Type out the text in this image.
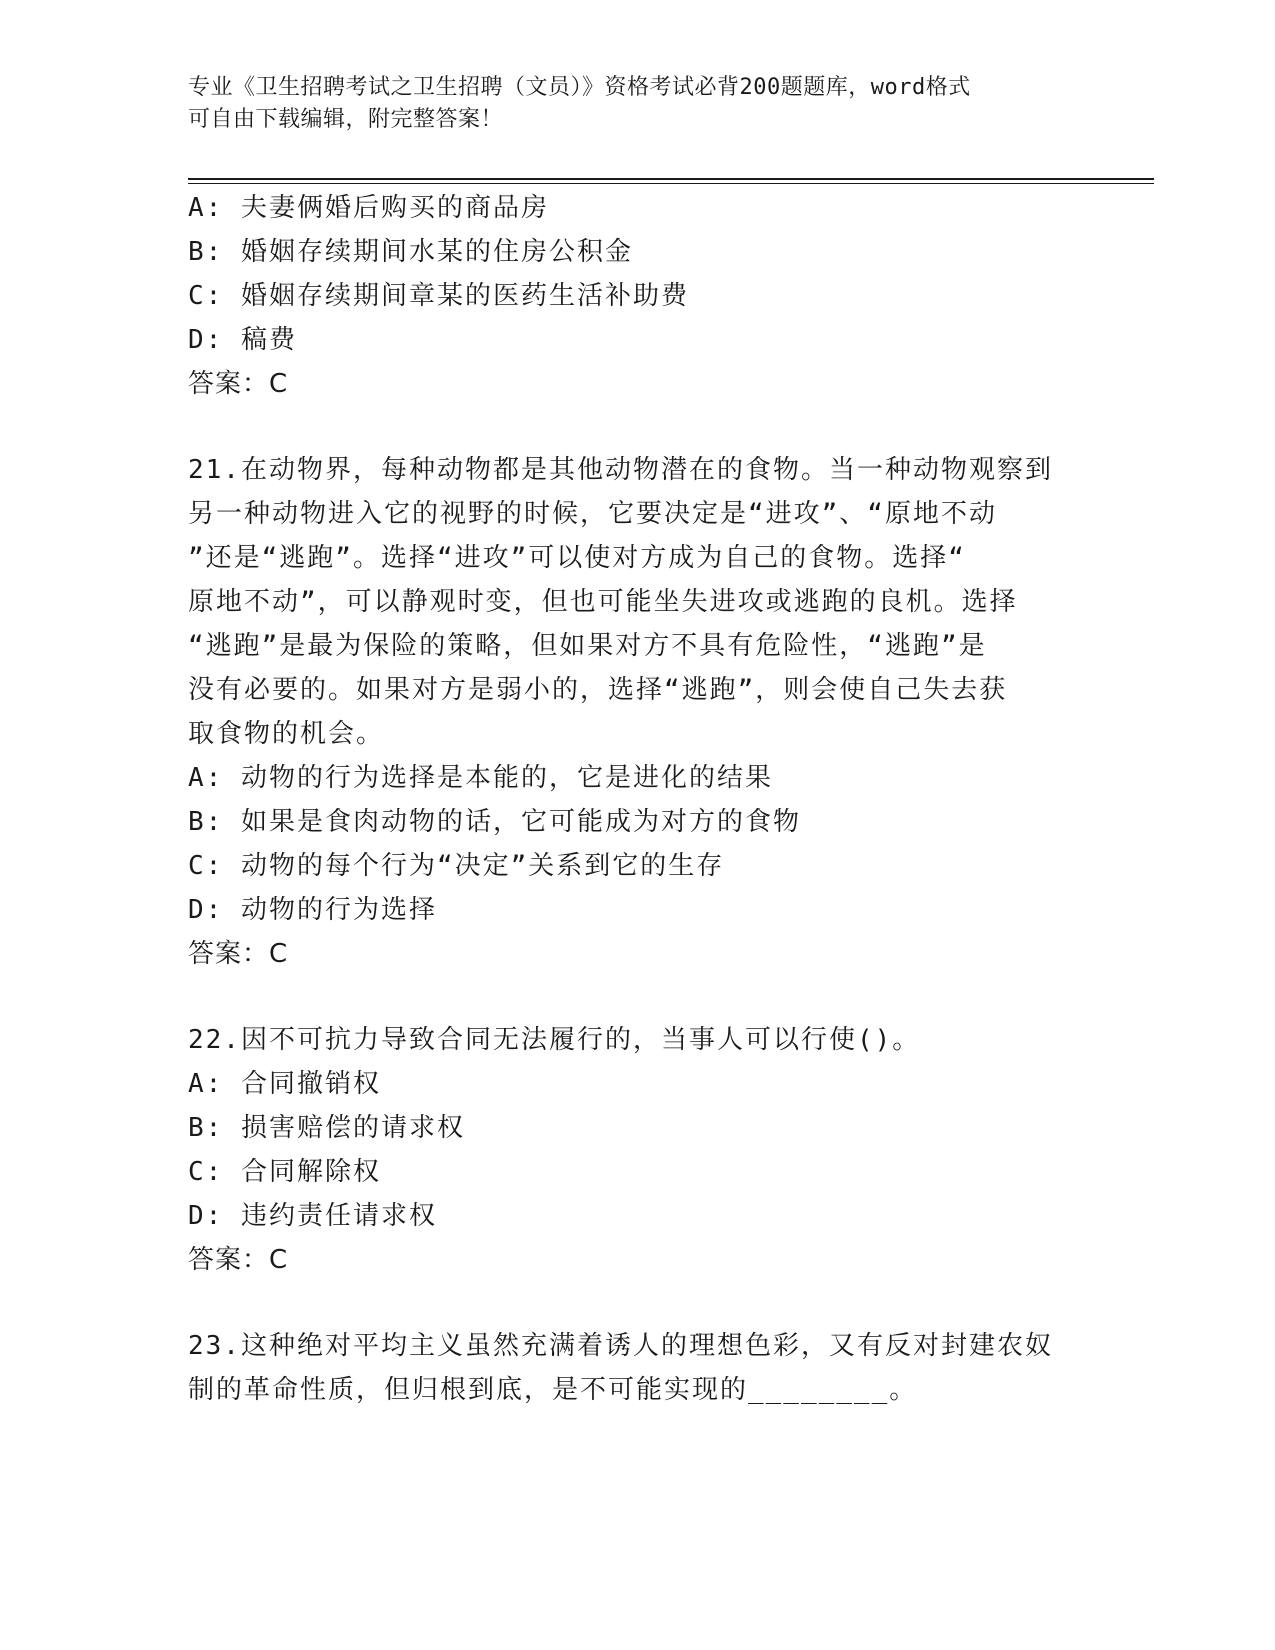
专业《卫生招聘考试之卫生招聘（文员）》资格考试必背200题题库，word格式
可自由下载编辑，附完整答案！
A: 夫妻俩婚后购买的商品房
B: 婚姻存续期间水某的住房公积金
C: 婚姻存续期间章某的医药生活补助费
D: 稿费
答案：C
21.在动物界，每种动物都是其他动物潜在的食物。当一种动物观察到
另一种动物进入它的视野的时候，它要决定是“进攻”、“原地不动
”还是“逃跑”。选择“进攻”可以使对方成为自己的食物。选择“
原地不动”，可以静观时变，但也可能坐失进攻或逃跑的良机。选择
“逃跑”是最为保险的策略，但如果对方不具有危险性，“逃跑”是
没有必要的。如果对方是弱小的，选择“逃跑”，则会使自己失去获
取食物的机会。
A: 动物的行为选择是本能的，它是进化的结果
B: 如果是食肉动物的话，它可能成为对方的食物
C: 动物的每个行为“决定”关系到它的生存
D: 动物的行为选择
答案：C
22.因不可抗力导致合同无法履行的，当事人可以行使()。
A: 合同撤销权
B: 损害赔偿的请求权
C: 合同解除权
D: 违约责任请求权
答案：C
23.这种绝对平均主义虽然充满着诱人的理想色彩，又有反对封建农奴
制的革命性质，但归根到底，是不可能实现的________。
